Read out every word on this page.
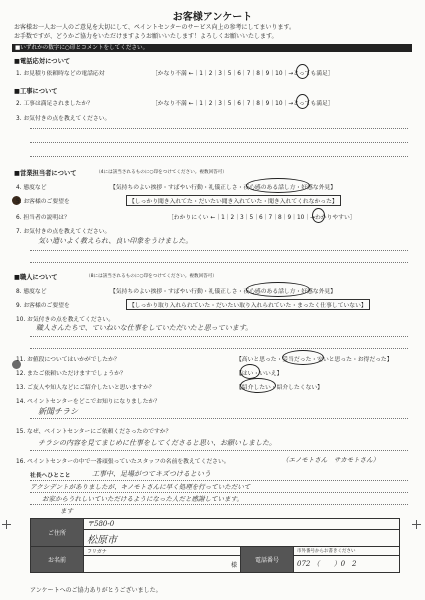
お客様アンケート
お客様お一人お一人のご意見を大切にして、ペイントセンターのサービス向上の参考にしてまいります。
お手数ですが、どうかご協力をいただけますようお願いいたします！よろしくお願いいたします。
■いずれかの数字に○印とコメントをしてください。
■電話応対について
1. お見積り依頼時などの電話応対	［かなり不満 ←｜1｜2｜3｜5｜6｜7｜8｜9｜10｜→とっても満足］
■工事について
2. 工事は満足されましたか？	［かなり不満 ←｜1｜2｜3｜5｜6｜7｜8｜9｜10｜→とっても満足］
3. お気付きの点を教えてください。
■営業担当者について	（4には該当されるものに○印をつけてください。複数回答可）
4. 態度など	【気持ちのよい挨拶・すばやい行動・礼儀正しさ・夜心感のある話し方・好感な外見】
5. お客様のご要望を	【しっかり聞き入れてた・だいたい聞き入れていた・聞き入れてくれなかった】
6. 担当者の説明は？	［わかりにくい ←｜1｜2｜3｜5｜6｜7｜8｜9｜10｜→わかりやすい］
7. お気付きの点を教えてください。
気い遣いよく教えられ、良い印象をうけました。
■職人について	（8には該当されるものに○印をつけてください。複数回答可）
8. 態度など	【気持ちのよい挨拶・すばやい行動・礼儀正しさ・夜心感のある話し方・好感な外見】
9. お客様のご要望を	【しっかり取り入れられていた・だいたい取り入れられていた・まったく仕事していない】
10. お気付きの点を教えてください。
職人さんたちで、ていねいな仕事をしていただいたと思っています。
11. お値段についてはいかがでしたか？	【高いと思った・妥当だった・安いと思った・お得だった】
12. またご依頼いただけますでしょうか？	【はい・いいえ】
13. ご友人や知人などにご紹介したいと思いますか？	【紹介したい・紹介したくない】
14. ペイントセンターをどこでお知りになりましたか？
新聞チラシ
15. なぜ、ペイントセンターにご依頼くださったのですか？
チラシの内容を見てまじめに仕事をしてくださると思い、お願いしました。
16. ペイントセンターの中で一番頑張っていたスタッフの名前を教えてください。	（エノモトさん　サカモトさん）
社長へひとこと	工事中、足場がつてキズつけるという
アクシデントがありましたが、キノモトさんに早く処理を行っていただいて
お家からうれしいていただけるようになった人だと感謝しています。
ます
ご住所	〒580-0		
	松原市		
お名前	フリガナ	電話番号	市外番号からお書きください
	様		072 （　　）0　2
アンケートへのご協力ありがとうございました。
